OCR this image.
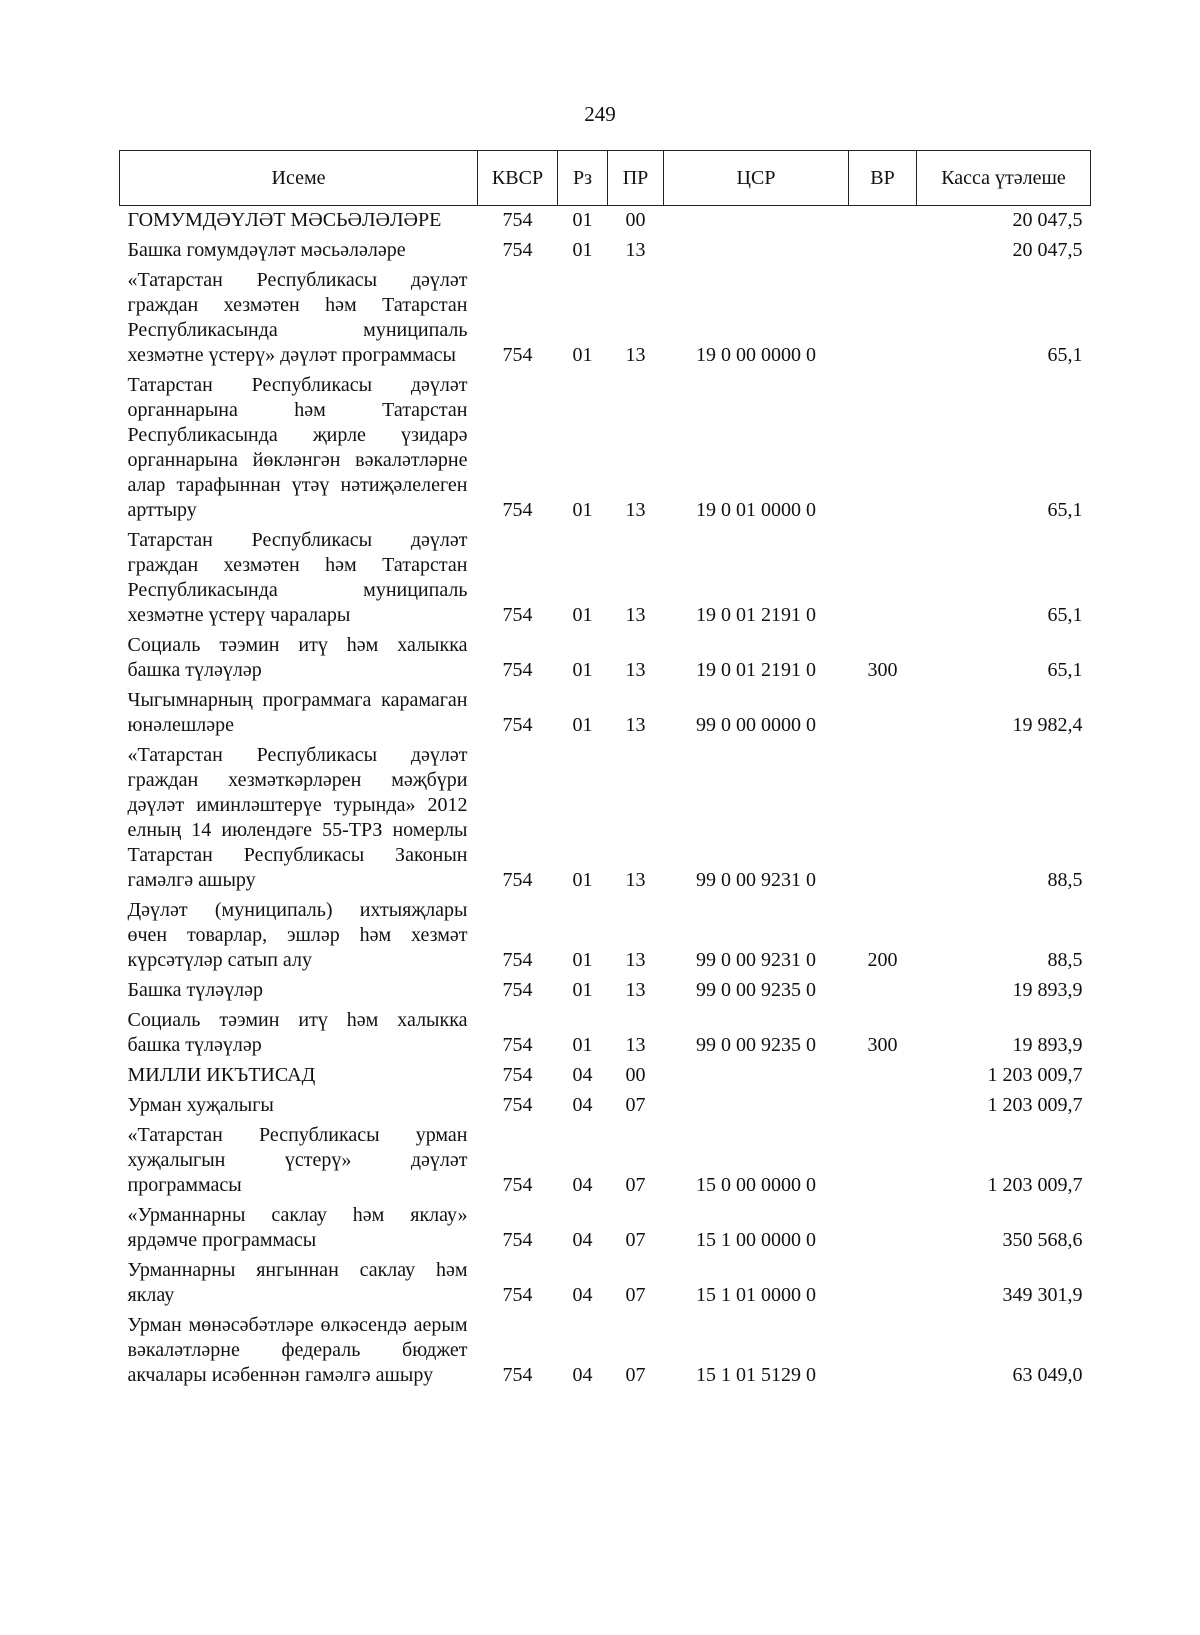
249
Исеме	КВСР	Рз	ПР	ЦСР	ВР	Касса үтәлеше
ГОМУМДӘҮЛӘТ МӘСЬӘЛӘЛӘРЕ	754	01	00			20 047,5
Башка гомумдәүләт мәсьәләләре	754	01	13			20 047,5
«Татарстан Республикасы дәүләт граждан хезмәтен һәм Татарстан Республикасында муниципаль хезмәтне үстерү» дәүләт программасы	754	01	13	19 0 00 0000 0		65,1
Татарстан Республикасы дәүләт органнарына һәм Татарстан Республикасында җирле үзидарә органнарына йөкләнгән вәкаләтләрне алар тарафыннан үтәү нәтиҗәлелеген арттыру	754	01	13	19 0 01 0000 0		65,1
Татарстан Республикасы дәүләт граждан хезмәтен һәм Татарстан Республикасында муниципаль хезмәтне үстерү чаралары	754	01	13	19 0 01 2191 0		65,1
Социаль тәэмин итү һәм халыкка башка түләүләр	754	01	13	19 0 01 2191 0	300	65,1
Чыгымнарның программага карамаган юнәлешләре	754	01	13	99 0 00 0000 0		19 982,4
«Татарстан Республикасы дәүләт граждан хезмәткәрләрен мәҗбүри дәүләт иминләштерүе турында» 2012 елның 14 июлендәге 55-ТРЗ номерлы Татарстан Республикасы Законын гамәлгә ашыру	754	01	13	99 0 00 9231 0		88,5
Дәүләт (муниципаль) ихтыяҗлары өчен товарлар, эшләр һәм хезмәт күрсәтүләр сатып алу	754	01	13	99 0 00 9231 0	200	88,5
Башка түләүләр	754	01	13	99 0 00 9235 0		19 893,9
Социаль тәэмин итү һәм халыкка башка түләүләр	754	01	13	99 0 00 9235 0	300	19 893,9
МИЛЛИ ИКЪТИСАД	754	04	00			1 203 009,7
Урман хуҗалыгы	754	04	07			1 203 009,7
«Татарстан Республикасы урман хуҗалыгын үстерү» дәүләт программасы	754	04	07	15 0 00 0000 0		1 203 009,7
«Урманнарны саклау һәм яклау» ярдәмче программасы	754	04	07	15 1 00 0000 0		350 568,6
Урманнарны янгыннан саклау һәм яклау	754	04	07	15 1 01 0000 0		349 301,9
Урман мөнәсәбәтләре өлкәсендә аерым вәкаләтләрне федераль бюджет акчалары исәбеннән гамәлгә ашыру	754	04	07	15 1 01 5129 0		63 049,0
